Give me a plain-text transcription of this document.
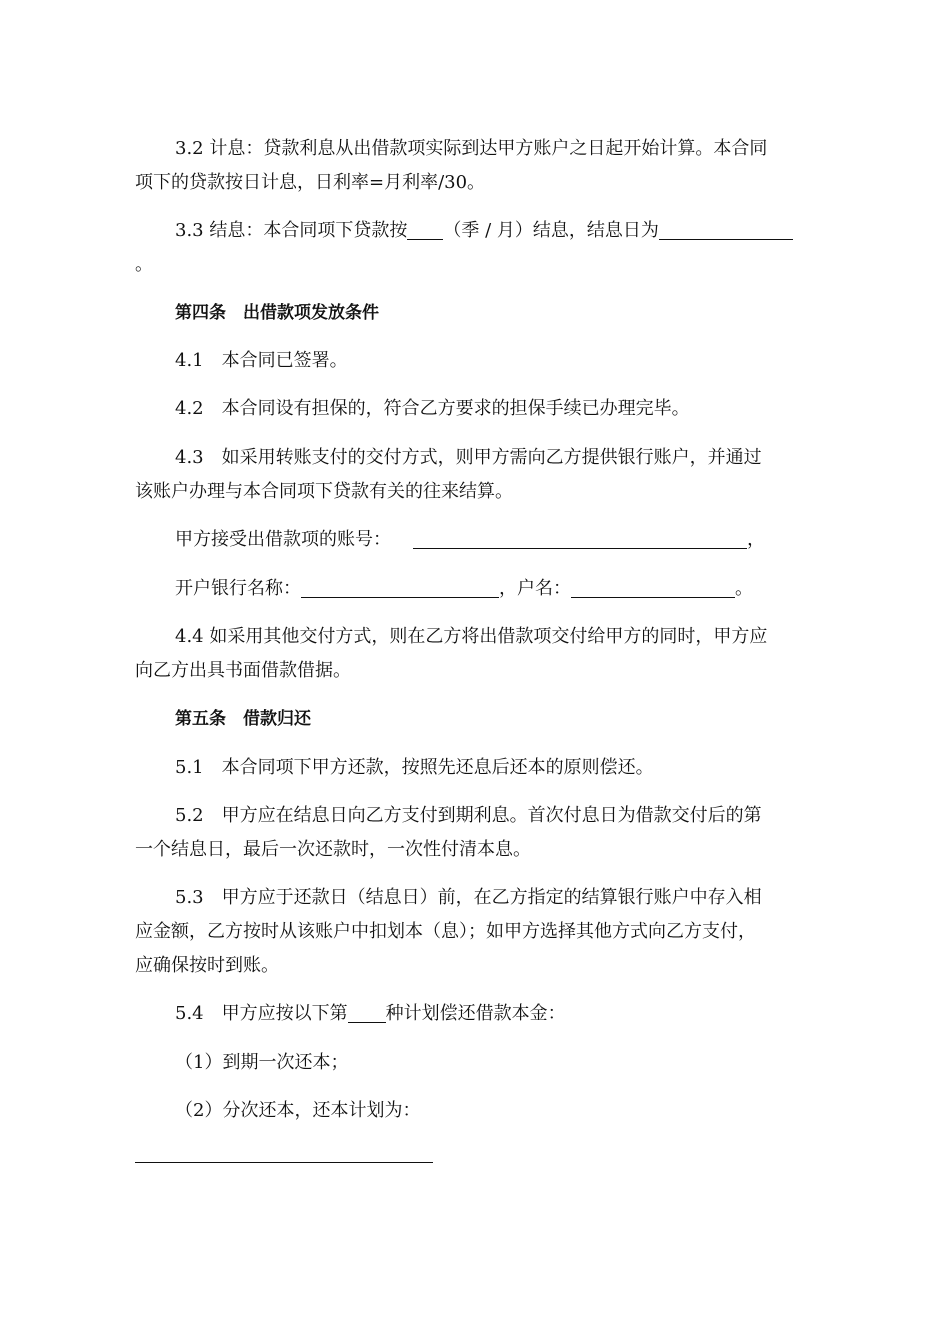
3.2 计息：贷款利息从出借款项实际到达甲方账户之日起开始计算。本合同
项下的贷款按日计息，日利率=月利率/30。
3.3 结息：本合同项下贷款按 （季 / 月）结息，结息日为
。
第四条　出借款项发放条件
4.1　本合同已签署。
4.2　本合同设有担保的，符合乙方要求的担保手续已办理完毕。
4.3　如采用转账支付的交付方式，则甲方需向乙方提供银行账户，并通过
该账户办理与本合同项下贷款有关的往来结算。
甲方接受出借款项的账号：	，
开户银行名称：	，户名：	。
4.4 如采用其他交付方式，则在乙方将出借款项交付给甲方的同时，甲方应
向乙方出具书面借款借据。
第五条　借款归还
5.1　本合同项下甲方还款，按照先还息后还本的原则偿还。
5.2　甲方应在结息日向乙方支付到期利息。首次付息日为借款交付后的第
一个结息日，最后一次还款时，一次性付清本息。
5.3　甲方应于还款日（结息日）前，在乙方指定的结算银行账户中存入相
应金额，乙方按时从该账户中扣划本（息）；如甲方选择其他方式向乙方支付，
应确保按时到账。
5.4　甲方应按以下第 种计划偿还借款本金：
（1）到期一次还本；
（2）分次还本，还本计划为：
